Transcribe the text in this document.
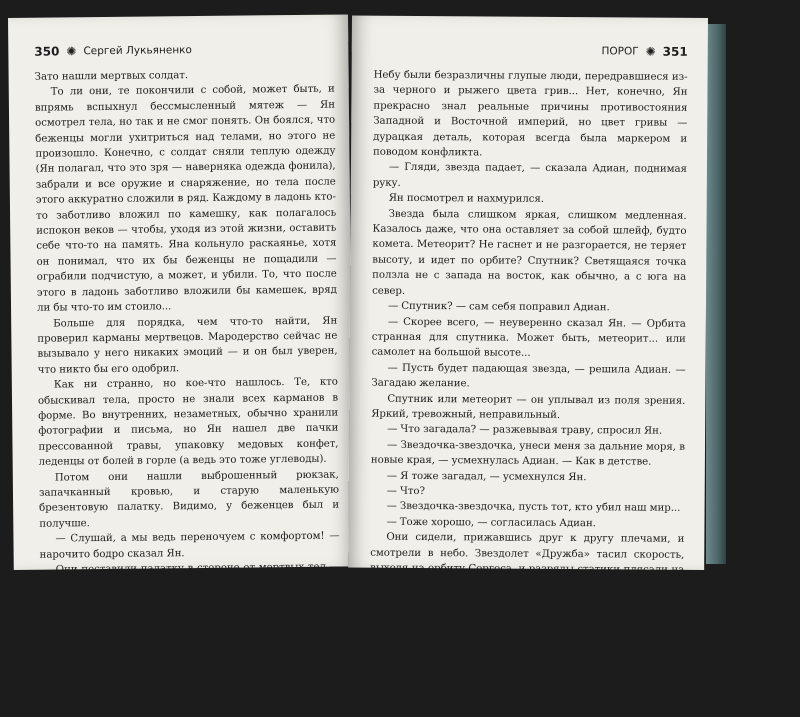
350 ✺ Сергей Лукьяненко

Зато нашли мертвых солдат.

То ли они, те покончили с собой, может быть, и впрямь вспыхнул бессмысленный мятеж — Ян осмотрел тела, но так и не смог понять. Он боялся, что беженцы могли ухитриться над телами, но этого не произошло. Конечно, с солдат сняли теплую одежду (Ян полагал, что это зря — наверняка одежда фонила), забрали и все оружие и снаряжение, но тела после этого аккуратно сложили в ряд. Каждому в ладонь кто-то заботливо вложил по камешку, как полагалось испокон веков — чтобы, уходя из этой жизни, оставить себе что-то на память. Яна кольнуло раскаянье, хотя он понимал, что их бы беженцы не пощадили — ограбили подчистую, а может, и убили. То, что после этого в ладонь заботливо вложили бы камешек, вряд ли бы что-то им стоило...

Больше для порядка, чем что-то найти, Ян проверил карманы мертвецов. Мародерство сейчас не вызывало у него никаких эмоций — и он был уверен, что никто бы его одобрил.

Как ни странно, но кое-что нашлось. Те, кто обыскивал тела, просто не знали всех карманов в форме. Во внутренних, незаметных, обычно хранили фотографии и письма, но Ян нашел две пачки прессованной травы, упаковку медовых конфет, леденцы от болей в горле (а ведь это тоже углеводы).

Потом они нашли выброшенный рюкзак, запачканный кровью, и старую маленькую брезентовую палатку. Видимо, у беженцев был и получше.

— Слушай, а мы ведь переночуем с комфортом! — нарочито бодро сказал Ян.

Они поставили палатку в стороне от мертвых тел — в новом мертвом мире мертвые уже не трепета. Съели по три конфеты, показавшихся вкусом, ощутимо все горло. Потом Ян достал траву, отщипнул себе хороший кусок, подумав, протянул Адиан — та тоже оторвала щедрую порцию. Пробормотала:

— С института эту дрянь не жевала...

Усевшись на тюках с сеном, они смотрели, как пробуждаются в небе звезды. Небо оставалось таким же, как до войны.

ПОРОГ ✺ 351

Небу были безразличны глупые люди, передравшиеся из-за черного и рыжего цвета грив... Нет, конечно, Ян прекрасно знал реальные причины противостояния Западной и Восточной империй, но цвет гривы — дурацкая деталь, которая всегда была маркером и поводом конфликта.

— Гляди, звезда падает, — сказала Адиан, поднимая руку.

Ян посмотрел и нахмурился.

Звезда была слишком яркая, слишком медленная. Казалось даже, что она оставляет за собой шлейф, будто комета. Метеорит? Не гаснет и не разгорается, не теряет высоту, и идет по орбите? Спутник? Светящаяся точка ползла не с запада на восток, как обычно, а с юга на север.

— Спутник? — сам себя поправил Адиан.

— Скорее всего, — неуверенно сказал Ян. — Орбита странная для спутника. Может быть, метеорит... или самолет на большой высоте...

— Пусть будет падающая звезда, — решила Адиан. — Загадаю желание.

Спутник или метеорит — он уплывал из поля зрения. Яркий, тревожный, неправильный.

— Что загадала? — разжевывая траву, спросил Ян.

— Звездочка-звездочка, унеси меня за дальние моря, в новые края, — усмехнулась Адиан. — Как в детстве.

— Я тоже загадал, — усмехнулся Ян.

— Что?

— Звездочка-звездочка, пусть тот, кто убил наш мир...

— Тоже хорошо, — согласилась Адиан.

Они сидели, прижавшись друг к другу плечами, и смотрели в небо. Звездолет «Дружба» тасил скорость, выходя на орбиту Соргоса, и разряды статики плясали на титановом корпусе.

Конец первой книги
Москва, 2018–2019
